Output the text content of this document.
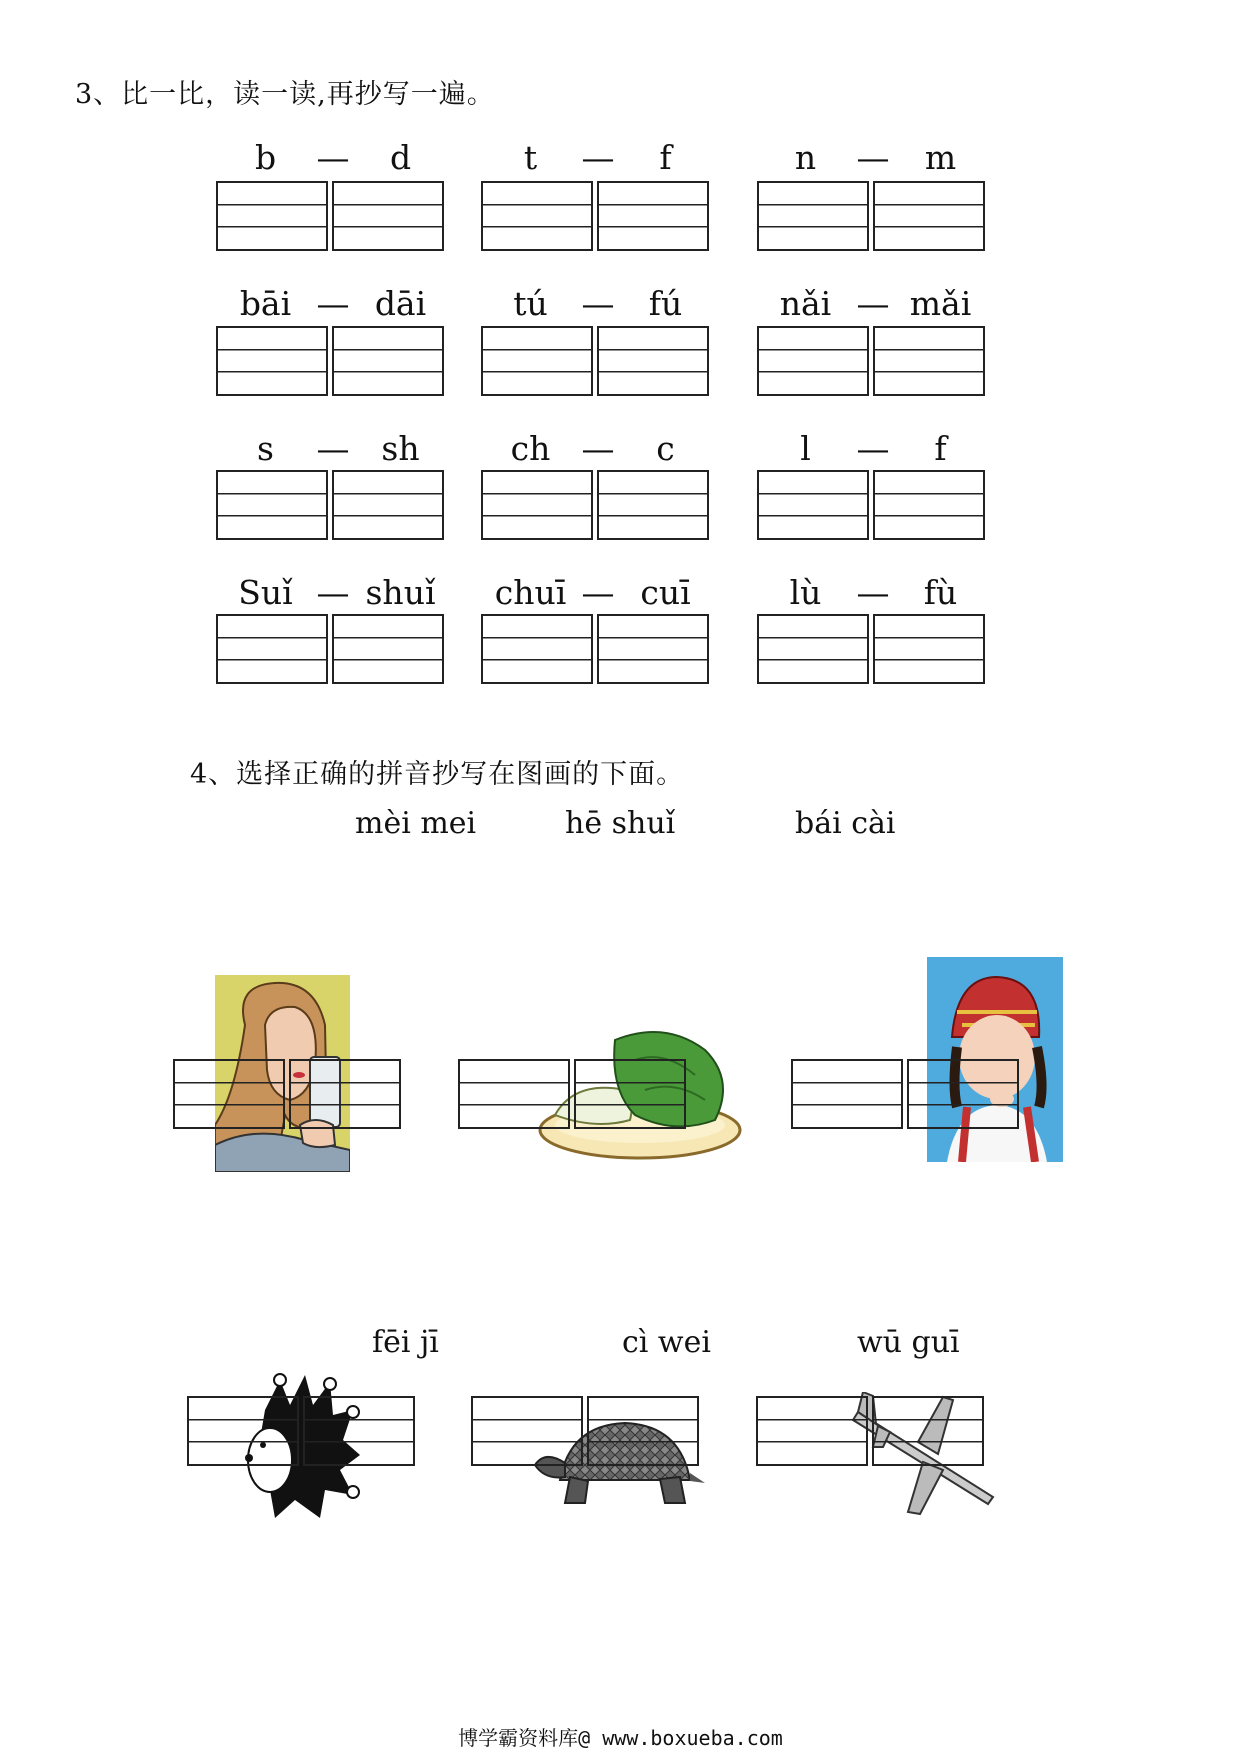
3、比一比，读一读,再抄写一遍。
b	—	d	t	—	f	n	—	m
bāi — dāi	tú	—	fú	nǎi — mǎi
s	— sh	ch —	c	l	—	f
Suǐ — shuǐ	chuī — cuī	lù	—	fù
4、选择正确的拼音抄写在图画的下面。
mèi mei	hē shuǐ	bái cài
fēi jī	cì wei	wū guī
博学霸资料库@ www.boxueba.com
